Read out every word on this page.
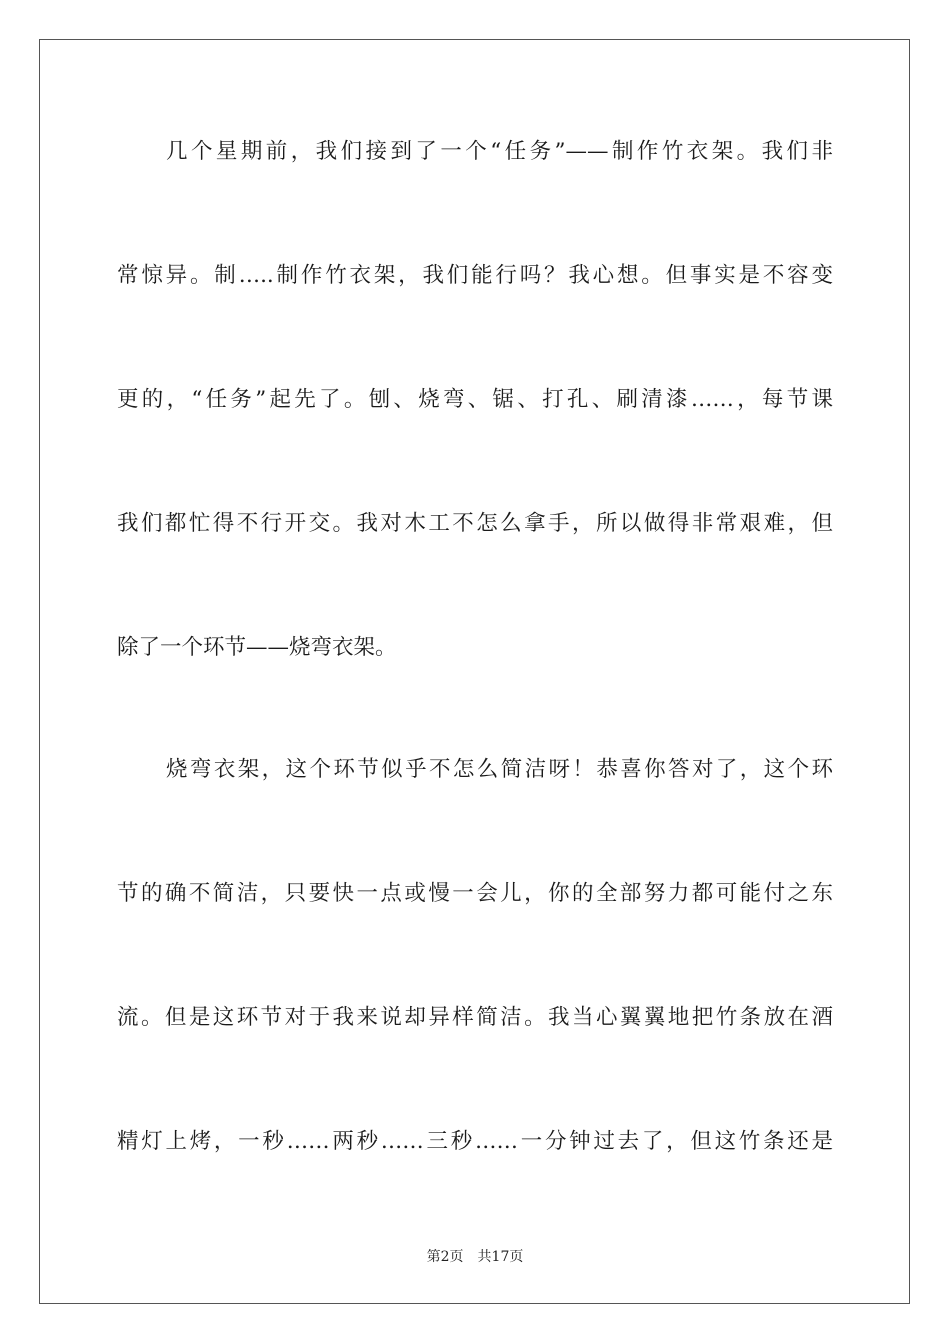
几个星期前，我们接到了一个“任务”——制作竹衣架。我们非
常惊异。制…..制作竹衣架，我们能行吗？我心想。但事实是不容变
更的，“任务”起先了。刨、烧弯、锯、打孔、刷清漆……，每节课
我们都忙得不行开交。我对木工不怎么拿手，所以做得非常艰难，但
除了一个环节——烧弯衣架。
烧弯衣架，这个环节似乎不怎么简洁呀！恭喜你答对了，这个环
节的确不简洁，只要快一点或慢一会儿，你的全部努力都可能付之东
流。但是这环节对于我来说却异样简洁。我当心翼翼地把竹条放在酒
精灯上烤，一秒……两秒……三秒……一分钟过去了，但这竹条还是
第2页 共17页
